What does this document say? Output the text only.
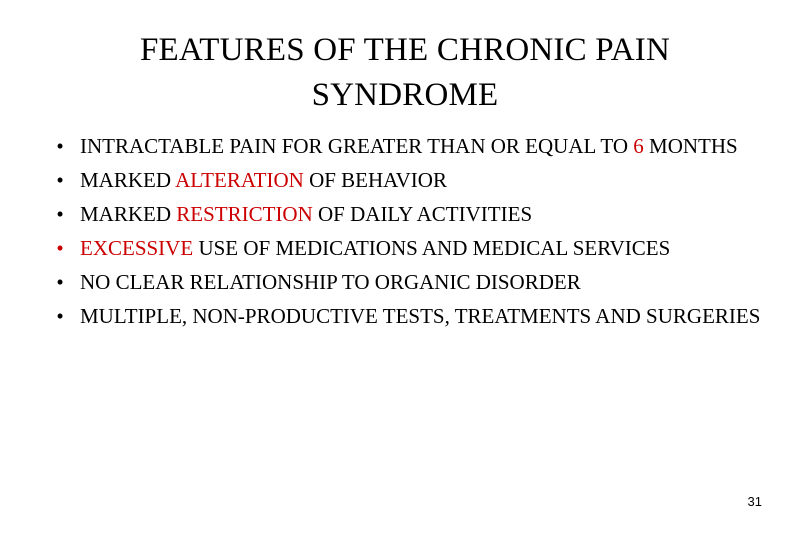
FEATURES OF THE CHRONIC PAIN
SYNDROME
• INTRACTABLE PAIN FOR GREATER THAN OR EQUAL TO 6 MONTHS
• MARKED ALTERATION OF BEHAVIOR
• MARKED RESTRICTION OF DAILY ACTIVITIES
• EXCESSIVE USE OF MEDICATIONS AND MEDICAL SERVICES
• NO CLEAR RELATIONSHIP TO ORGANIC DISORDER
• MULTIPLE, NON-PRODUCTIVE TESTS, TREATMENTS AND SURGERIES
31
